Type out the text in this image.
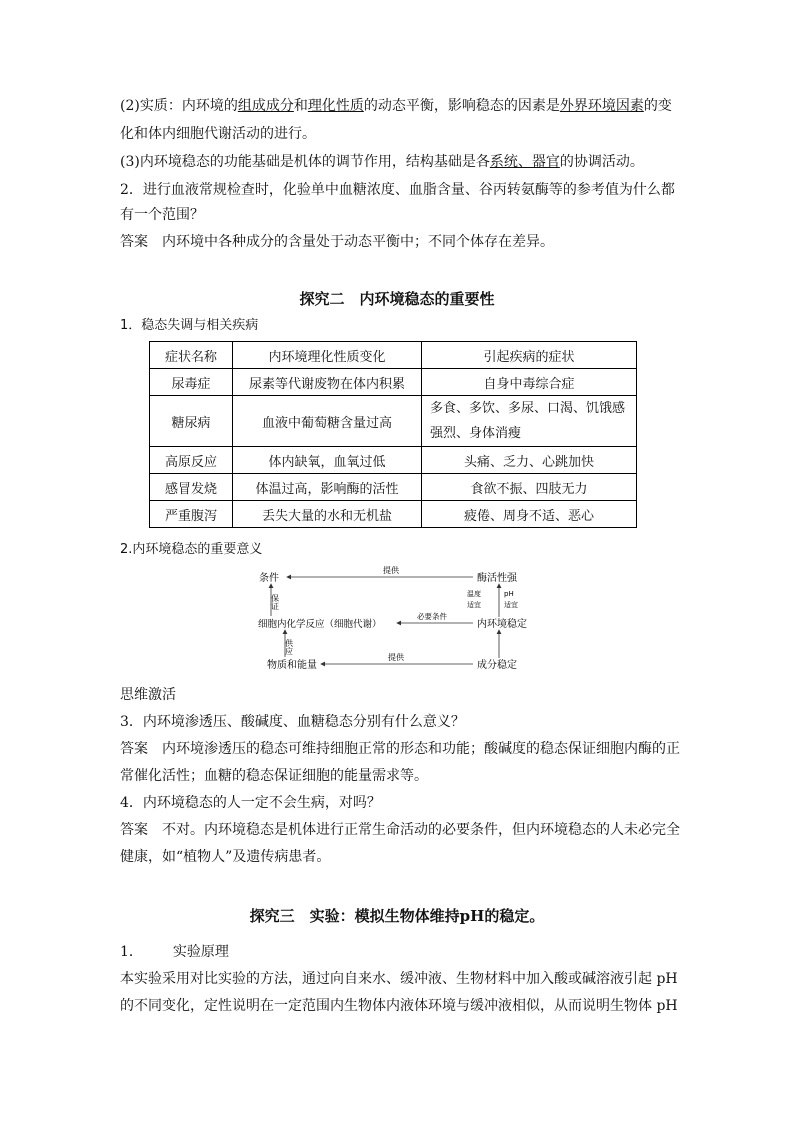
(2)实质：内环境的组成成分和理化性质的动态平衡，影响稳态的因素是外界环境因素的变
化和体内细胞代谢活动的进行。
(3)内环境稳态的功能基础是机体的调节作用，结构基础是各系统、器官的协调活动。
2．进行血液常规检查时，化验单中血糖浓度、血脂含量、谷丙转氨酶等的参考值为什么都
有一个范围？
答案　内环境中各种成分的含量处于动态平衡中；不同个体存在差异。
探究二　内环境稳态的重要性
1．稳态失调与相关疾病
症状名称	内环境理化性质变化	引起疾病的症状
尿毒症	尿素等代谢废物在体内积累	自身中毒综合症
糖尿病	血液中葡萄糖含量过高	多食、多饮、多尿、口渴、饥饿感强烈、身体消瘦
高原反应	体内缺氧，血氧过低	头痛、乏力、心跳加快
感冒发烧	体温过高，影响酶的活性	食欲不振、四肢无力
严重腹泻	丢失大量的水和无机盐	疲倦、周身不适、恶心
2.内环境稳态的重要意义
条件	酶活性强
细胞内化学反应（细胞代谢）	内环境稳定
物质和能量	成分稳定
提供
保证	温度
适宜
pH
适宜
必要条件
供应
提供
思维激活
3．内环境渗透压、酸碱度、血糖稳态分别有什么意义？
答案　内环境渗透压的稳态可维持细胞正常的形态和功能；酸碱度的稳态保证细胞内酶的正
常催化活性；血糖的稳态保证细胞的能量需求等。
4．内环境稳态的人一定不会生病，对吗？
答案　不对。内环境稳态是机体进行正常生命活动的必要条件，但内环境稳态的人未必完全
健康，如“植物人”及遗传病患者。
探究三　实验：模拟生物体维持pH的稳定。
1． 实验原理
本实验采用对比实验的方法，通过向自来水、缓冲液、生物材料中加入酸或碱溶液引起 pH
的不同变化，定性说明在一定范围内生物体内液体环境与缓冲液相似，从而说明生物体 pH
